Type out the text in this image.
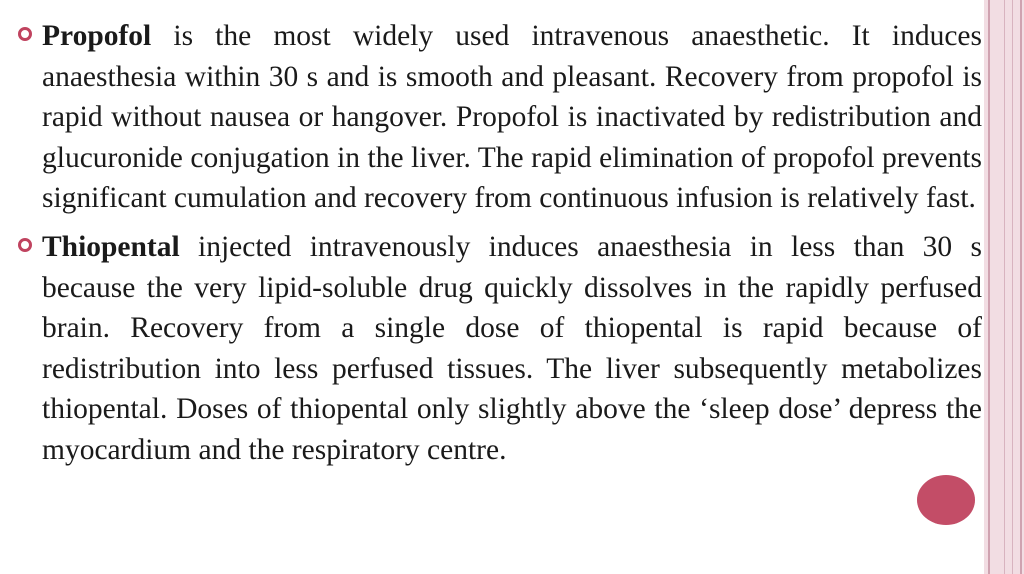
Propofol is the most widely used intravenous anaesthetic. It induces anaesthesia within 30 s and is smooth and pleasant. Recovery from propofol is rapid without nausea or hangover. Propofol is inactivated by redistribution and glucuronide conjugation in the liver. The rapid elimination of propofol prevents significant cumulation and recovery from continuous infusion is relatively fast.
Thiopental injected intravenously induces anaesthesia in less than 30 s because the very lipid-soluble drug quickly dissolves in the rapidly perfused brain. Recovery from a single dose of thiopental is rapid because of redistribution into less perfused tissues. The liver subsequently metabolizes thiopental. Doses of thiopental only slightly above the ‘sleep dose’ depress the myocardium and the respiratory centre.
